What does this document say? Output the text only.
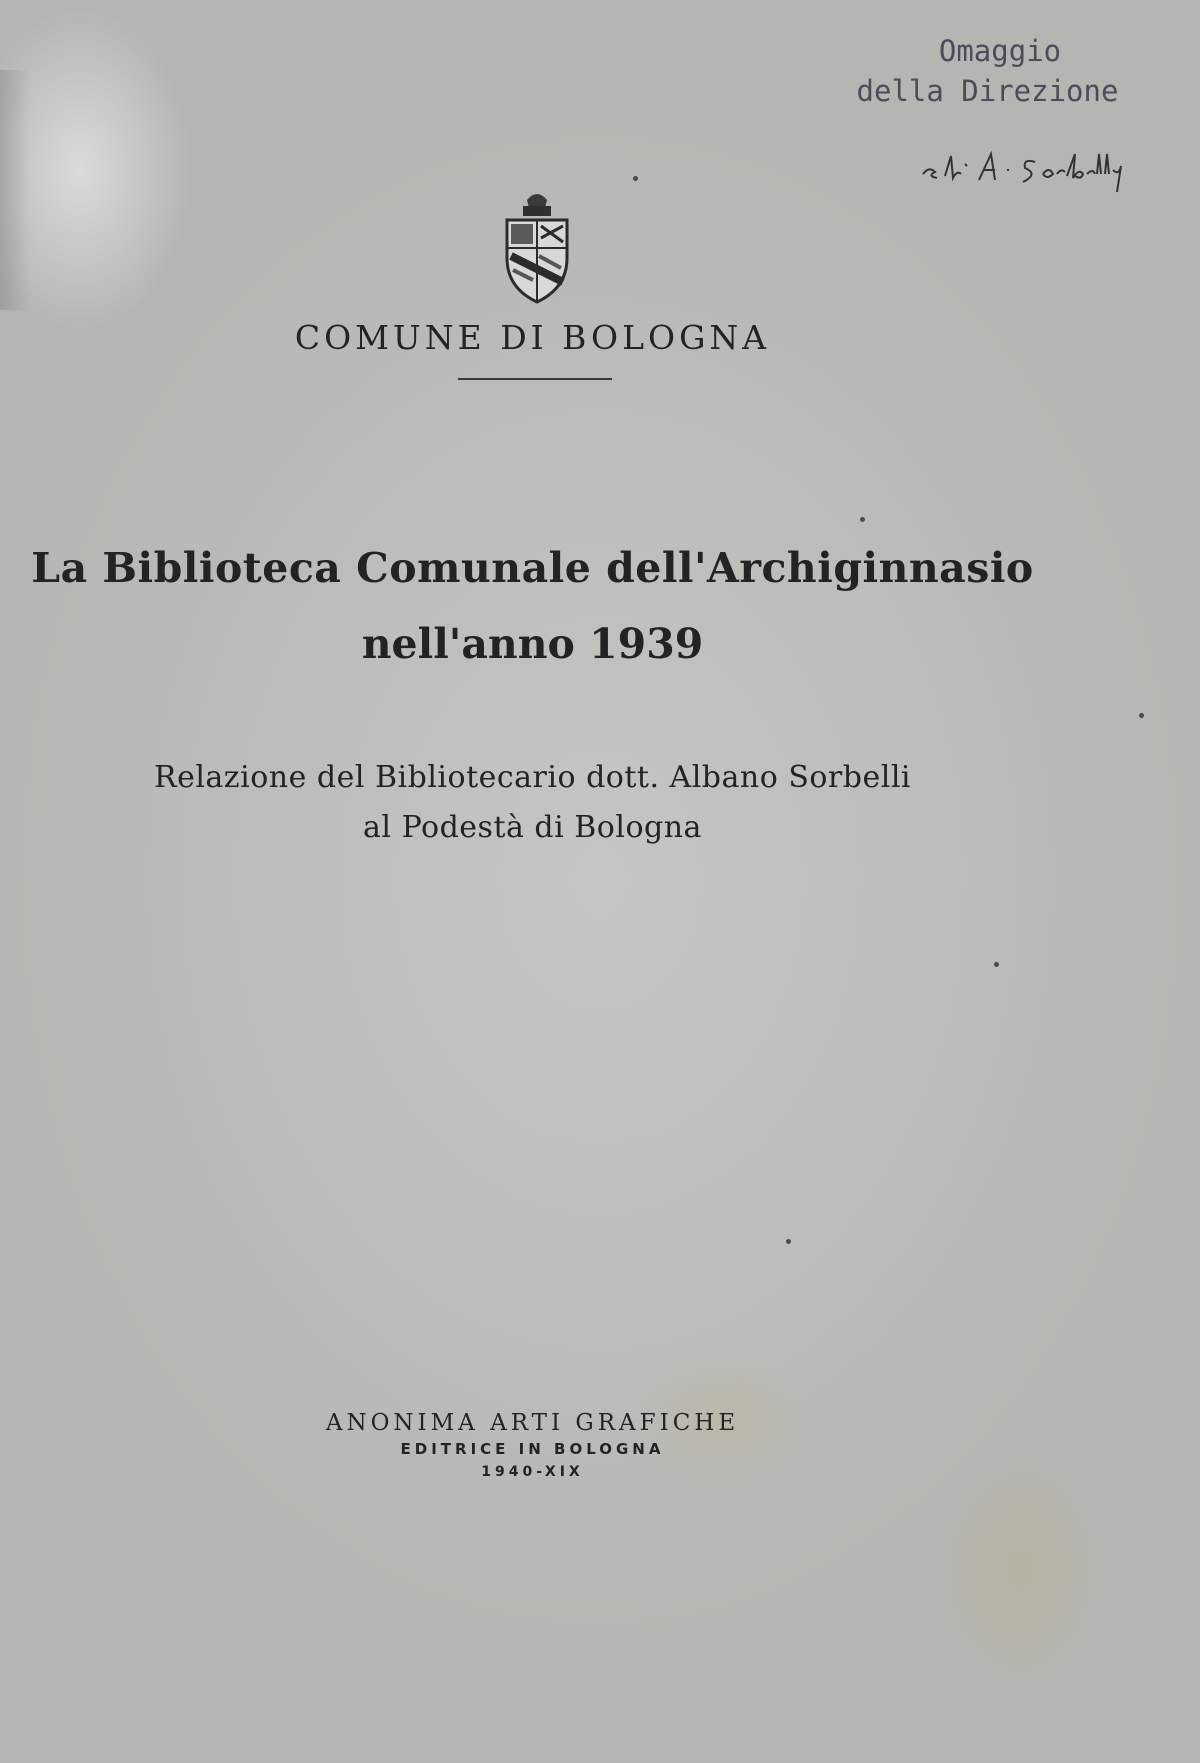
Omaggio
della Direzione
COMUNE DI BOLOGNA
La Biblioteca Comunale dell'Archiginnasio
nell'anno 1939
Relazione del Bibliotecario dott. Albano Sorbelli
al Podestà di Bologna
ANONIMA ARTI GRAFICHE
EDITRICE IN BOLOGNA
1940-XIX
